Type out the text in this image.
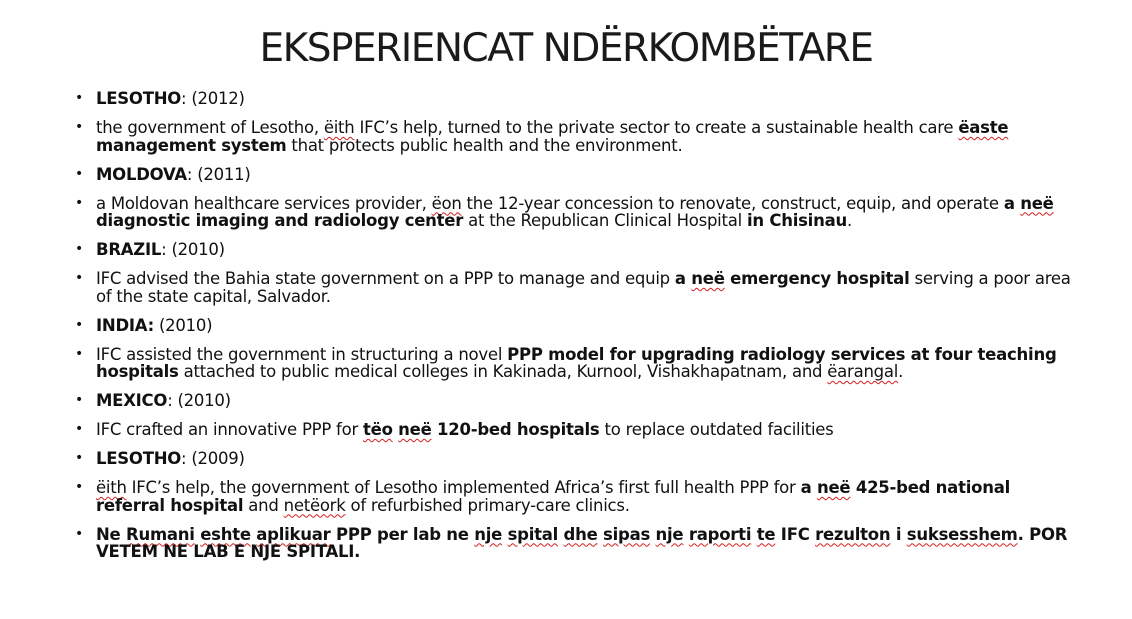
EKSPERIENCAT NDËRKOMBËTARE
• LESOTHO: (2012)
• the government of Lesotho, ëith IFC’s help, turned to the private sector to create a sustainable health care ëaste management system that protects public health and the environment.
• MOLDOVA: (2011)
• a Moldovan healthcare services provider, ëon the 12-year concession to renovate, construct, equip, and operate a neë diagnostic imaging and radiology center at the Republican Clinical Hospital in Chisinau.
• BRAZIL: (2010)
• IFC advised the Bahia state government on a PPP to manage and equip a neë emergency hospital serving a poor area of the state capital, Salvador.
• INDIA: (2010)
• IFC assisted the government in structuring a novel PPP model for upgrading radiology services at four teaching hospitals attached to public medical colleges in Kakinada, Kurnool, Vishakhapatnam, and ëarangal.
• MEXICO: (2010)
• IFC crafted an innovative PPP for tëo neë 120-bed hospitals to replace outdated facilities
• LESOTHO: (2009)
• ëith IFC’s help, the government of Lesotho implemented Africa’s first full health PPP for a neë 425-bed national referral hospital and netëork of refurbished primary-care clinics.
• Ne Rumani eshte aplikuar PPP per lab ne nje spital dhe sipas nje raporti te IFC rezulton i suksesshem. POR VETEM NE LAB E NJE SPITALI.
